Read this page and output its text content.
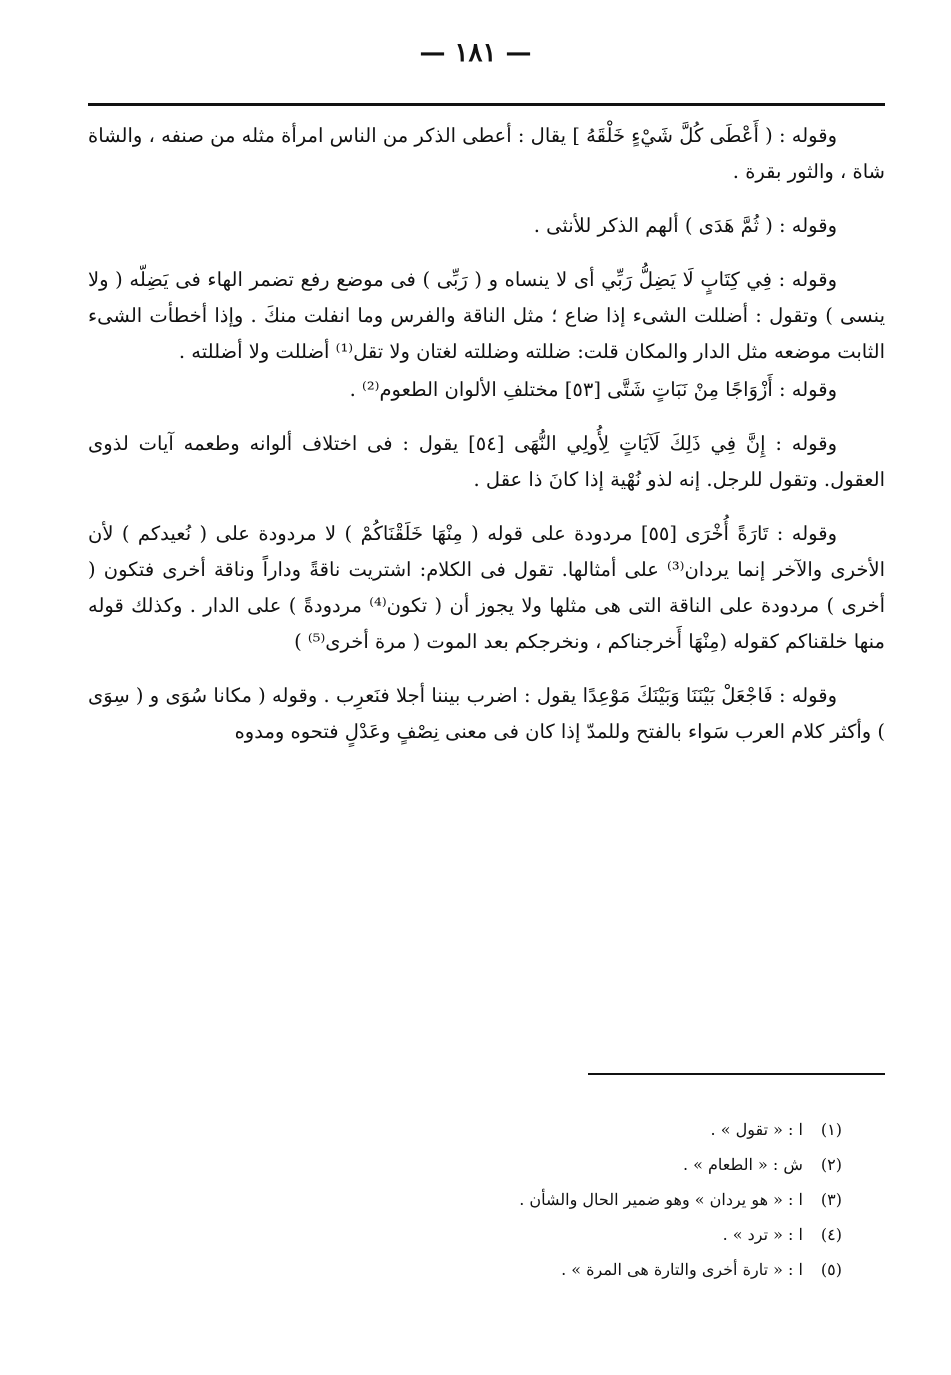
— ١٨١ —

وقوله : ( أَعْطَى كُلَّ شَيْءٍ خَلْقَهُ ] يقال : أعطى الذكر من الناس امرأة مثله من صنفه ، والشاة شاة ، والثور بقرة .

وقوله : ( ثُمَّ هَدَى ) ألهم الذكر للأنثى .

وقوله : فِي كِتَابٍ لَا يَضِلُّ رَبِّي أى لا ينساه و ( رَبِّى ) فى موضع رفع تضمر الهاء فى يَضِلّه ( ولا ينسى ) وتقول : أضللت الشىء إذا ضاع ؛ مثل الناقة والفرس وما انفلت منكَ . وإذا أخطأت الشىء الثابت موضعه مثل الدار والمكان قلت: ضللته وضللته لغتان ولا تقل⁽¹⁾ أضللت ولا أضللته .

وقوله : أَزْوَاجًا مِنْ نَبَاتٍ شَتَّى [٥٣] مختلفِ الألوان الطعوم⁽²⁾ .

وقوله : إِنَّ فِي ذَلِكَ لَآيَاتٍ لِأُولِي النُّهَى [٥٤] يقول : فى اختلاف ألوانه وطعمه آيات لذوى العقول. وتقول للرجل. إنه لذو نُهْية إذا كانَ ذا عقل .

وقوله : تَارَةً أُخْرَى [٥٥] مردودة على قوله ( مِنْهَا خَلَقْنَاكُمْ ) لا مردودة على ( نُعيدكم ) لأن الأخرى والآخر إنما يردان⁽³⁾ على أمثالها. تقول فى الكلام: اشتريت ناقةً وداراً وناقة أخرى فتكون ( أخرى ) مردودة على الناقة التى هى مثلها ولا يجوز أن ( تكون⁽⁴⁾ مردودةً ) على الدار . وكذلك قوله منها خلقناكم كقوله (مِنْهَا أَخرجناكم ، ونخرجكم بعد الموت ( مرة أخرى⁽⁵⁾ )

وقوله : فَاجْعَلْ بَيْنَنَا وَبَيْنَكَ مَوْعِدًا يقول : اضرب بيننا أجلا فنَعرِب . وقوله ( مكانا سُوَى و ( سِوَى ) وأكثر كلام العرب سَواء بالفتح وللمدّ إذا كان فى معنى نِصْفٍ وعَدْلٍ فتحوه ومدوه

(١) ا : « تقول » .

(٢) ش : « الطعام » .

(٣) ا : « هو يردان » وهو ضمير الحال والشأن .

(٤) ا : « ترد » .

(٥) ا : « تارة أخرى والتارة هى المرة » .
